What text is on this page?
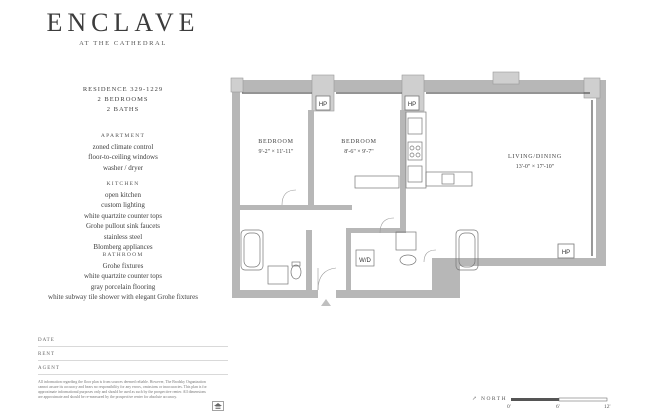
ENCLAVE
AT THE CATHEDRAL
RESIDENCE 329-1229
2 BEDROOMS
2 BATHS
APARTMENT
zoned climate control
floor-to-ceiling windows
washer / dryer
KITCHEN
open kitchen
custom lighting
white quartzite counter tops
Grohe pullout sink faucets
stainless steel
Blomberg appliances
BATHROOM
Grohe fixtures
white quartzite counter tops
gray porcelain flooring
white subway tile shower with elegant Grohe fixtures
DATE
RENT
AGENT
All information regarding the floor plan is from sources deemed reliable. However, The Brodsky Organization cannot assure its accuracy and bears no responsibility for any errors, omissions or inaccuracies. This plan is for approximate informational purposes only and should be used as such by the prospective renter. All dimensions are approximate and should be re-measured by the prospective renter for absolute accuracy.
HP	HP
HP
W/D
BEDROOM
9'-2" × 11'-11"
BEDROOM
8'-6" × 9'-7"
LIVING/DINING
13'-0" × 17'-10"
↗ NORTH
0'	6'	12'
